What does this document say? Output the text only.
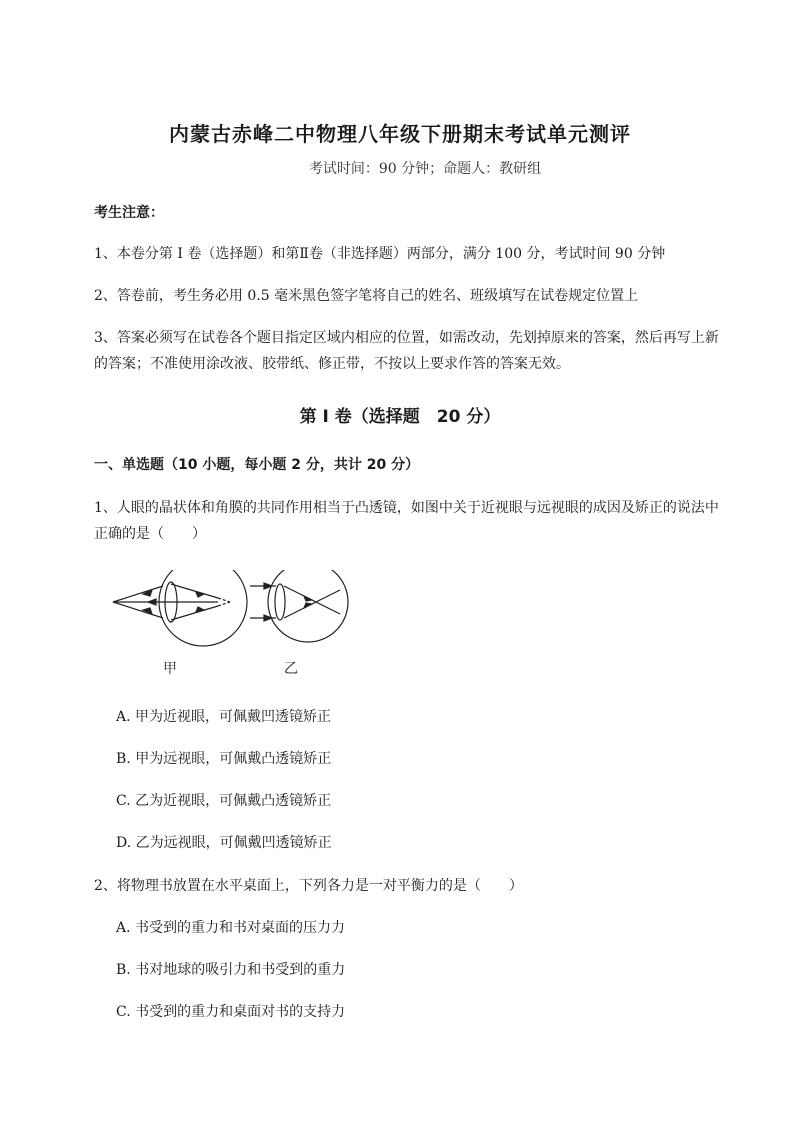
内蒙古赤峰二中物理八年级下册期末考试单元测评
考试时间：90 分钟；命题人：教研组
考生注意：
1、本卷分第 I 卷（选择题）和第Ⅱ卷（非选择题）两部分，满分 100 分，考试时间 90 分钟
2、答卷前，考生务必用 0.5 毫米黑色签字笔将自己的姓名、班级填写在试卷规定位置上
3、答案必须写在试卷各个题目指定区域内相应的位置，如需改动，先划掉原来的答案，然后再写上新
的答案；不准使用涂改液、胶带纸、修正带，不按以上要求作答的答案无效。
第 I 卷（选择题　20 分）
一、单选题（10 小题，每小题 2 分，共计 20 分）
1、人眼的晶状体和角膜的共同作用相当于凸透镜，如图中关于近视眼与远视眼的成因及矫正的说法中
正确的是（　　）
甲	乙
A. 甲为近视眼，可佩戴凹透镜矫正
B. 甲为远视眼，可佩戴凸透镜矫正
C. 乙为近视眼，可佩戴凸透镜矫正
D. 乙为远视眼，可佩戴凹透镜矫正
2、将物理书放置在水平桌面上，下列各力是一对平衡力的是（　　）
A. 书受到的重力和书对桌面的压力力
B. 书对地球的吸引力和书受到的重力
C. 书受到的重力和桌面对书的支持力
